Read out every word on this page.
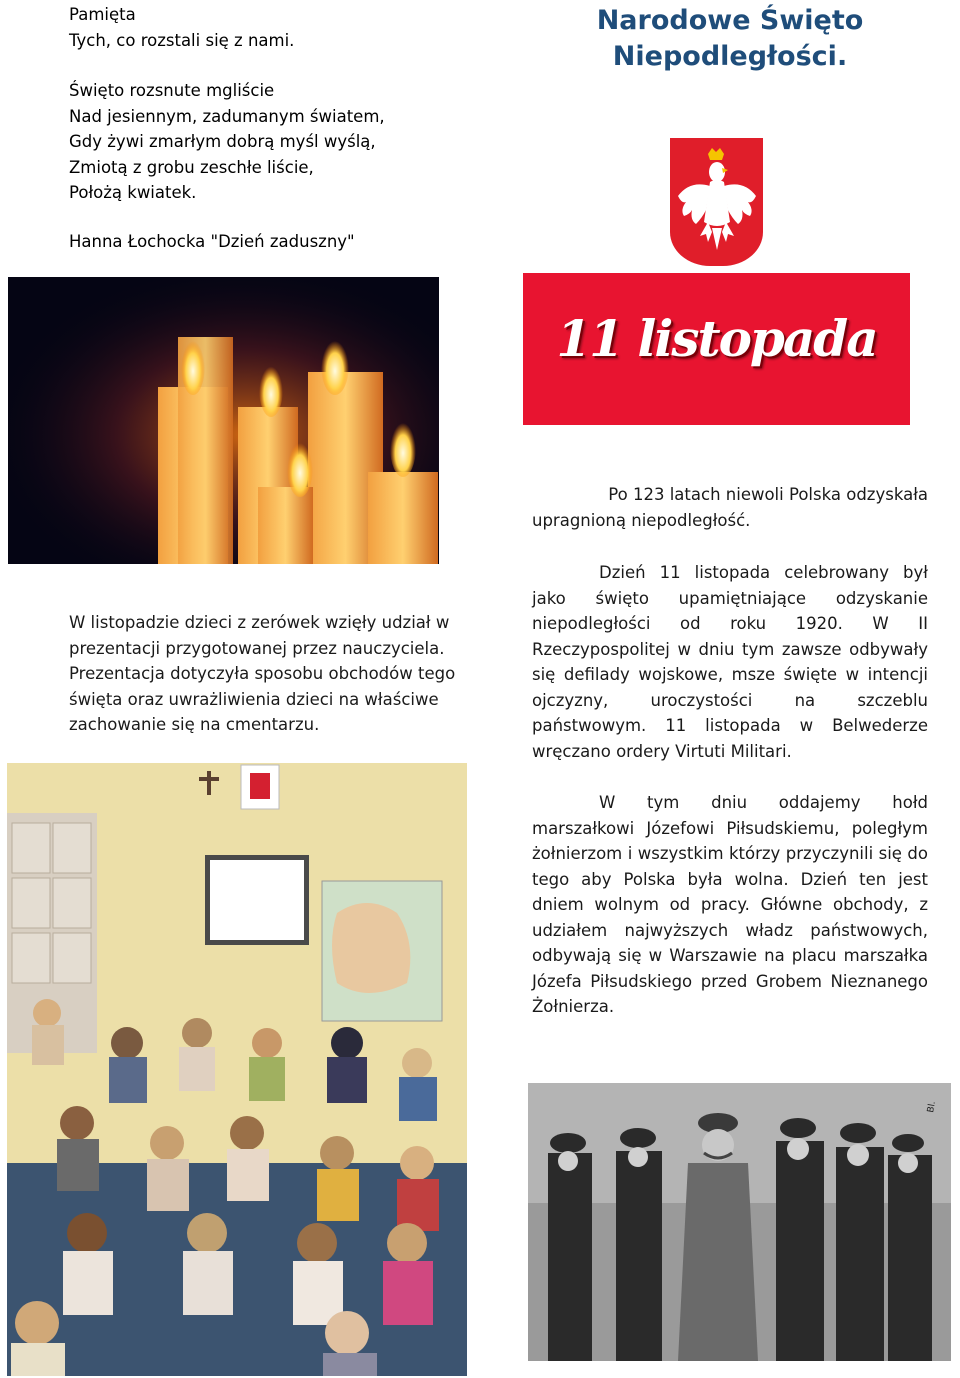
Pamięta

Tych, co rozstali się z nami.

Święto rozsnute mgliście

Nad jesiennym, zadumanym światem,

Gdy żywi zmarłym dobrą myśl wyślą,

Zmiotą z grobu zeschłe liście,

Położą kwiatek.

Hanna Łochocka "Dzień zaduszny"
Narodowe Święto
Niepodległości.
11 listopada
W listopadzie dzieci z zerówek wzięły udział w prezentacji przygotowanej przez nauczyciela. Prezentacja dotyczyła sposobu obchodów tego święta oraz uwrażliwienia dzieci na właściwe zachowanie się na cmentarzu.

Po 123 latach niewoli Polska odzyskała upragnioną niepodległość.

Dzień 11 listopada celebrowany był jako święto upamiętniające odzyskanie niepodległości od roku 1920. W II Rzeczypospolitej w dniu tym zawsze odbywały się defilady wojskowe, msze święte w intencji ojczyzny, uroczystości na szczeblu państwowym. 11 listopada w Belwederze wręczano ordery Virtuti Militari.

W tym dniu oddajemy hołd marszałkowi Józefowi Piłsudskiemu, poległym żołnierzom i wszystkim którzy przyczynili się do tego aby Polska była wolna. Dzień ten jest dniem wolnym od pracy. Główne obchody, z udziałem najwyższych władz państwowych, odbywają się w Warszawie na placu marszałka Józefa Piłsudskiego przed Grobem Nieznanego Żołnierza.

Bl.
